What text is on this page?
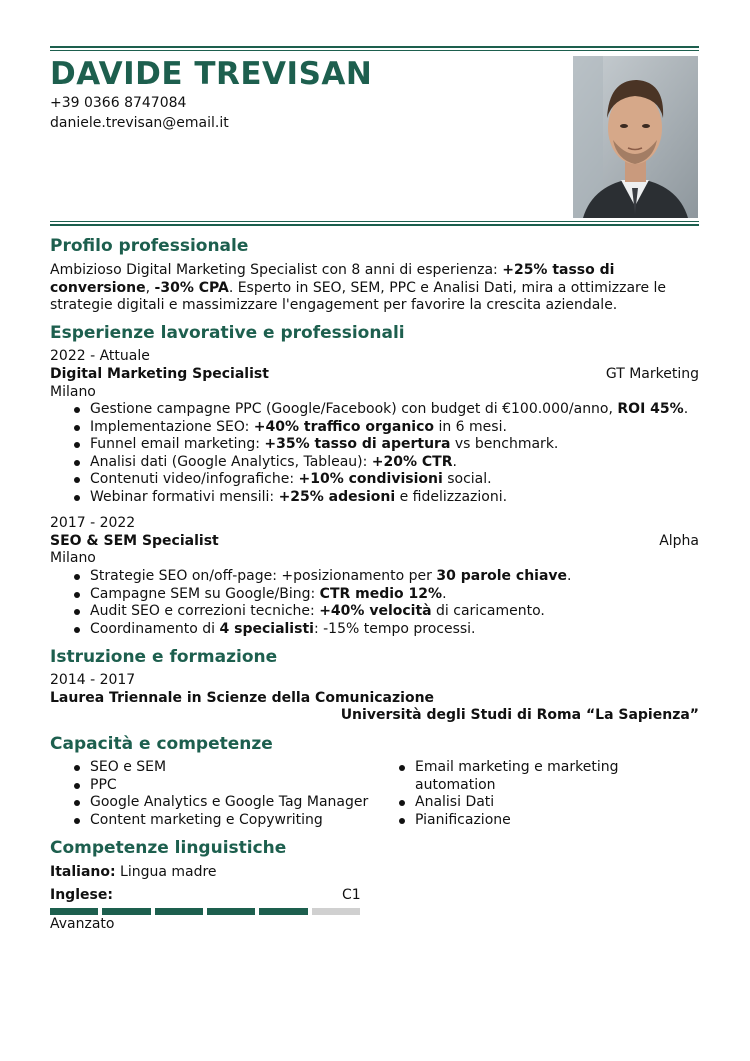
DAVIDE TREVISAN
+39 0366 8747084
daniele.trevisan@email.it
Profilo professionale
Ambizioso Digital Marketing Specialist con 8 anni di esperienza: +25% tasso di conversione, -30% CPA. Esperto in SEO, SEM, PPC e Analisi Dati, mira a ottimizzare le strategie digitali e massimizzare l'engagement per favorire la crescita aziendale.
Esperienze lavorative e professionali
2022 - Attuale
Digital Marketing Specialist	GT Marketing
Milano
Gestione campagne PPC (Google/Facebook) con budget di €100.000/anno, ROI 45%.
Implementazione SEO: +40% traffico organico in 6 mesi.
Funnel email marketing: +35% tasso di apertura vs benchmark.
Analisi dati (Google Analytics, Tableau): +20% CTR.
Contenuti video/infografiche: +10% condivisioni social.
Webinar formativi mensili: +25% adesioni e fidelizzazioni.
2017 - 2022
SEO & SEM Specialist	Alpha
Milano
Strategie SEO on/off-page: +posizionamento per 30 parole chiave.
Campagne SEM su Google/Bing: CTR medio 12%.
Audit SEO e correzioni tecniche: +40% velocità di caricamento.
Coordinamento di 4 specialisti: -15% tempo processi.
Istruzione e formazione
2014 - 2017
Laurea Triennale in Scienze della Comunicazione
Università degli Studi di Roma “La Sapienza”
Capacità e competenze
SEO e SEM
PPC
Google Analytics e Google Tag Manager
Content marketing e Copywriting
Email marketing e marketing automation
Analisi Dati
Pianificazione
Competenze linguistiche
Italiano: Lingua madre
Inglese:	C1
Avanzato
